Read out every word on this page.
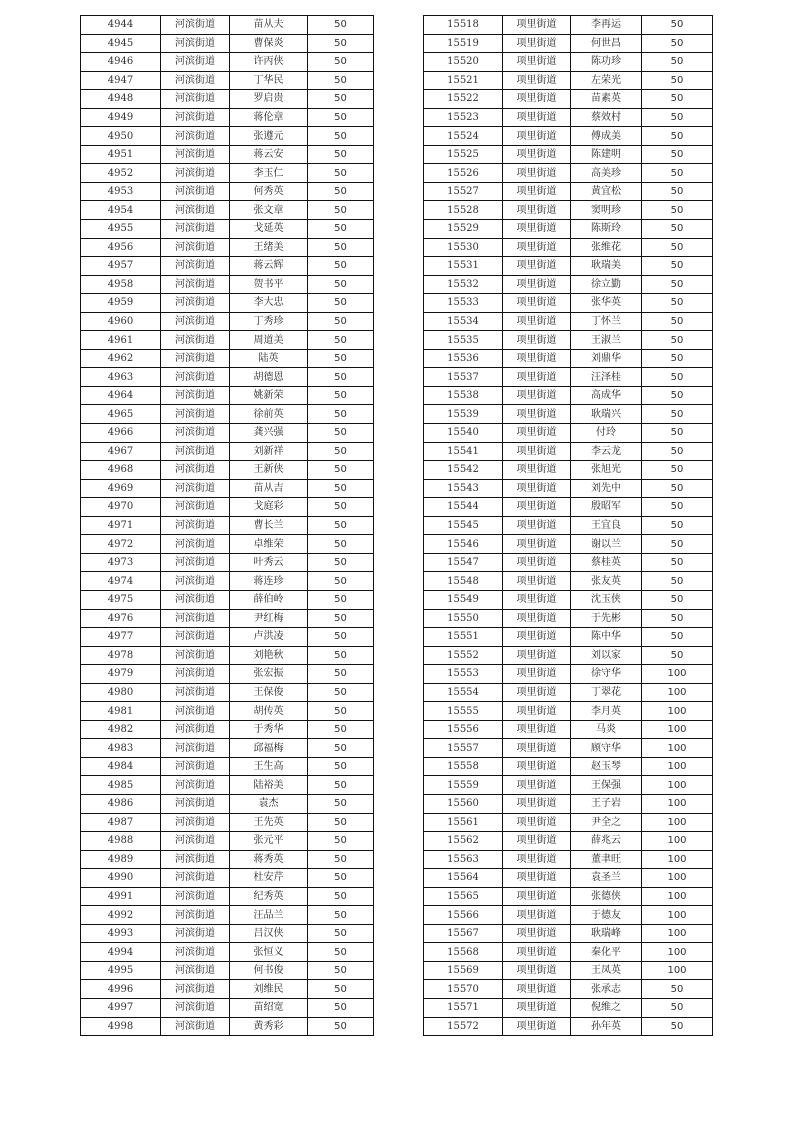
4944	河滨街道	苗从夫	50
4945	河滨街道	曹保炎	50
4946	河滨街道	许丙侠	50
4947	河滨街道	丁华民	50
4948	河滨街道	罗启贵	50
4949	河滨街道	蒋伦章	50
4950	河滨街道	张遵元	50
4951	河滨街道	蒋云安	50
4952	河滨街道	李玉仁	50
4953	河滨街道	何秀英	50
4954	河滨街道	张文章	50
4955	河滨街道	戈延英	50
4956	河滨街道	王绪美	50
4957	河滨街道	蒋云辉	50
4958	河滨街道	贺书平	50
4959	河滨街道	李大忠	50
4960	河滨街道	丁秀珍	50
4961	河滨街道	周道美	50
4962	河滨街道	陆英	50
4963	河滨街道	胡德恩	50
4964	河滨街道	姚新荣	50
4965	河滨街道	徐前英	50
4966	河滨街道	龚兴强	50
4967	河滨街道	刘新祥	50
4968	河滨街道	王新侠	50
4969	河滨街道	苗从吉	50
4970	河滨街道	戈庭彩	50
4971	河滨街道	曹长兰	50
4972	河滨街道	卓维荣	50
4973	河滨街道	叶秀云	50
4974	河滨街道	蒋连珍	50
4975	河滨街道	薛伯岭	50
4976	河滨街道	尹红梅	50
4977	河滨街道	卢洪凌	50
4978	河滨街道	刘艳秋	50
4979	河滨街道	张宏振	50
4980	河滨街道	王保俊	50
4981	河滨街道	胡传英	50
4982	河滨街道	于秀华	50
4983	河滨街道	邱福梅	50
4984	河滨街道	王生高	50
4985	河滨街道	陆裕美	50
4986	河滨街道	袁杰	50
4987	河滨街道	王先英	50
4988	河滨街道	张元平	50
4989	河滨街道	蒋秀英	50
4990	河滨街道	杜安芹	50
4991	河滨街道	纪秀英	50
4992	河滨街道	汪品兰	50
4993	河滨街道	吕汉侠	50
4994	河滨街道	张恒义	50
4995	河滨街道	何书俊	50
4996	河滨街道	刘维民	50
4997	河滨街道	苗绍宽	50
4998	河滨街道	黄秀彩	50
15518	项里街道	李再运	50
15519	项里街道	何世昌	50
15520	项里街道	陈功珍	50
15521	项里街道	左荣光	50
15522	项里街道	苗素英	50
15523	项里街道	蔡效村	50
15524	项里街道	傅成美	50
15525	项里街道	陈建明	50
15526	项里街道	高美珍	50
15527	项里街道	黄宜松	50
15528	项里街道	窦明珍	50
15529	项里街道	陈斯玲	50
15530	项里街道	张维花	50
15531	项里街道	耿瑞美	50
15532	项里街道	徐立勤	50
15533	项里街道	张华英	50
15534	项里街道	丁怀兰	50
15535	项里街道	王淑兰	50
15536	项里街道	刘鼎华	50
15537	项里街道	汪泽桂	50
15538	项里街道	高成华	50
15539	项里街道	耿瑞兴	50
15540	项里街道	付玲	50
15541	项里街道	李云龙	50
15542	项里街道	张旭光	50
15543	项里街道	刘先中	50
15544	项里街道	殷昭军	50
15545	项里街道	王宜良	50
15546	项里街道	谢以兰	50
15547	项里街道	蔡桂英	50
15548	项里街道	张友英	50
15549	项里街道	沈玉侠	50
15550	项里街道	于先彬	50
15551	项里街道	陈中华	50
15552	项里街道	刘以家	50
15553	项里街道	徐守华	100
15554	项里街道	丁翠花	100
15555	项里街道	李月英	100
15556	项里街道	马炎	100
15557	项里街道	顾守华	100
15558	项里街道	赵玉琴	100
15559	项里街道	王保强	100
15560	项里街道	王子岩	100
15561	项里街道	尹全之	100
15562	项里街道	薛兆云	100
15563	项里街道	董聿旺	100
15564	项里街道	袁圣兰	100
15565	项里街道	张德侠	100
15566	项里街道	于德友	100
15567	项里街道	耿瑞峰	100
15568	项里街道	秦化平	100
15569	项里街道	王凤英	100
15570	项里街道	张承志	50
15571	项里街道	倪维之	50
15572	项里街道	孙年英	50
